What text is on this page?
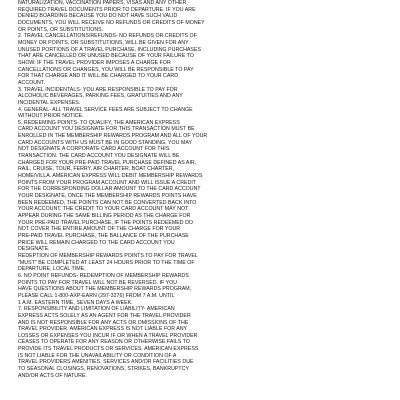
NATURALIZATION, VACCINATION PAPERS, VISAS AND ANY OTHER
REQUIRED TRAVEL DOCUMENTS PRIOR TO DEPARTURE. IF YOU ARE
DENIED BOARDING BECAUSE YOU DO NOT HAVE SUCH VALID
DOCUMENTS, YOU WILL RECEIVE NO REFUNDS OR CREDITS OF MONEY
OR POINTS, OR SUBSTITUTIONS.
2. TRAVEL CANCELLATIONS/REFUNDS- NO REFUNDS OR CREDITS OF
MONEY OR POINTS, OR SUBSTITUTIONS, WILL BE GIVEN FOR ANY
UNUSED PORTIONS OF A TRAVEL PURCHASE, INCLUDING PURCHASES
THAT ARE CANCELLED OR UNUSED BECAUSE OF YOUR FAILURE TO
SHOW. IF THE TRAVEL PROVIDER IMPOSES A CHARGE FOR
CANCELLATIONS OR CHANGES, YOU WILL BE RESPONSIBLE TO PAY
FOR THAT CHARGE AND IT WILL BE CHARGED TO YOUR CARD
ACCOUNT.
3. TRAVEL INCIDENTALS- YOU ARE RESPONSIBLE TO PAY FOR
ALCOHOLIC BEVERAGES, PARKING FEES, GRATUITIES AND ANY
INCIDENTAL EXPENSES.
4. GENERAL- ALL TRAVEL SERVICE FEES ARE SUBJECT TO CHANGE
WITHOUT PRIOR NOTICE.
5. REDEEMING POINTS- TO QUALIFY, THE AMERICAN EXPRESS
CARD ACCOUNT YOU DESIGNATE FOR THIS TRANSACTION MUST BE
ENROLLED IN THE MEMBERSHIP REWARDS PROGRAM AND ALL OF YOUR
CARD ACCOUNTS WITH US MUST BE IN GOOD STANDING. YOU MAY
NOT DESIGNATE A CORPORATE CARD ACCOUNT FOR THIS
TRANSACTION. THE CARD ACCOUNT YOU DESIGNATE WILL BE
CHARGED FOR YOUR PRE-PAID TRAVEL PURCHASE DEFINED AS AIR,
RAIL, CRUISE, TOUR, FERRY, AIR CHARTER, BOAT CHARTER,
HOME/VILLA. AMERICAN EXPRESS WILL DEBIT MEMBERSHIP REWARDS
POINTS FROM YOUR PROGRAM ACCOUNT AND WILL ISSUE A CREDIT
FOR THE CORRESPONDING DOLLAR AMOUNT TO THE CARD ACCOUNT
YOUR DESIGNATE, ONCE THE MEMBERSHIP REWARDS POINTS HAVE
BEEN REDEEMED, THE POINTS CAN NOT BE CONVERTED BACK INTO
YOUR ACCOUNT. THE CREDIT TO YOUR CARD ACCOUNT MAY NOT
APPEAR DURING THE SAME BILLING PERIOD AS THE CHARGE FOR
YOUR PRE-PAID TRAVEL PURCHASE, IF THE POINTS REDEEMED DO
NOT COVER THE ENTIRE AMOUNT OF THE CHARGE FOR YOUR
PRE-PAID TRAVEL PURCHASE, THE BALLANCE OF THE PURCHASE
PRICE WILL REMAIN CHARGED TO THE CARD ACCOUNT YOU
DESIGNATE.
REDEPTION OF MEMBERSHIP REWARDS POINTS TO PAY FOR TRAVEL
"MUST" BE COMPLETED AT LEAST 24 HOURS PRIOR TO THE TIME OF
DEPARTURE, LOCAL TIME.
6. NO POINT REFUNDS- REDEMPTION OF MEMBERSHIP REWARDS
POINTS TO PAY FOR TRAVEL WILL NOT BE REVERSED. IF YOU
HAVE QUESTIONS ABOUT THE MEMBERSHIP REWARDS PROGRAM,
PLEASE CALL 1-800-AXP-EARN (297-3276) FROM 7 A.M. UNTIL
1 A.M. EASTERN TIME, SEVEN DAYS A WEEK.
7. RESPONSIBILITY AND LIMITATION OF LIABILITY- AMERICAN
EXPRESS ACTS SOLELY AS AN AGENT FOR THE TRAVEL PROVIDER
AND IS NOT RESPONSIBLE FOR ANY ACTS OR OMISSIONS OF THE
TRAVEL PROVIDER. AMERICAN EXPRESS IS NOT LIABLE FOR ANY
LOSSES OR EXPENSES YOU INCUR IF OR WHEN A TRAVEL PROVIDER
CEASES TO OPERATE FOR ANY REASON OR OTHERWISE FAILS TO
PROVIDE ITS TRAVEL PRODUCTS OR SERVICES. AMERICAN EXPRESS
IS NOT LIABLE FOR THE UNAVAILABILITY OR CONDITION OF A
TRAVEL PROVIDERS AMENITIES, SERVICES AND/OR FACILITIES DUE
TO SEASONAL CLOSINGS, RENOVATIONS, STRIKES, BANKRUPTCY
AND/OR ACTS OF NATURE.
